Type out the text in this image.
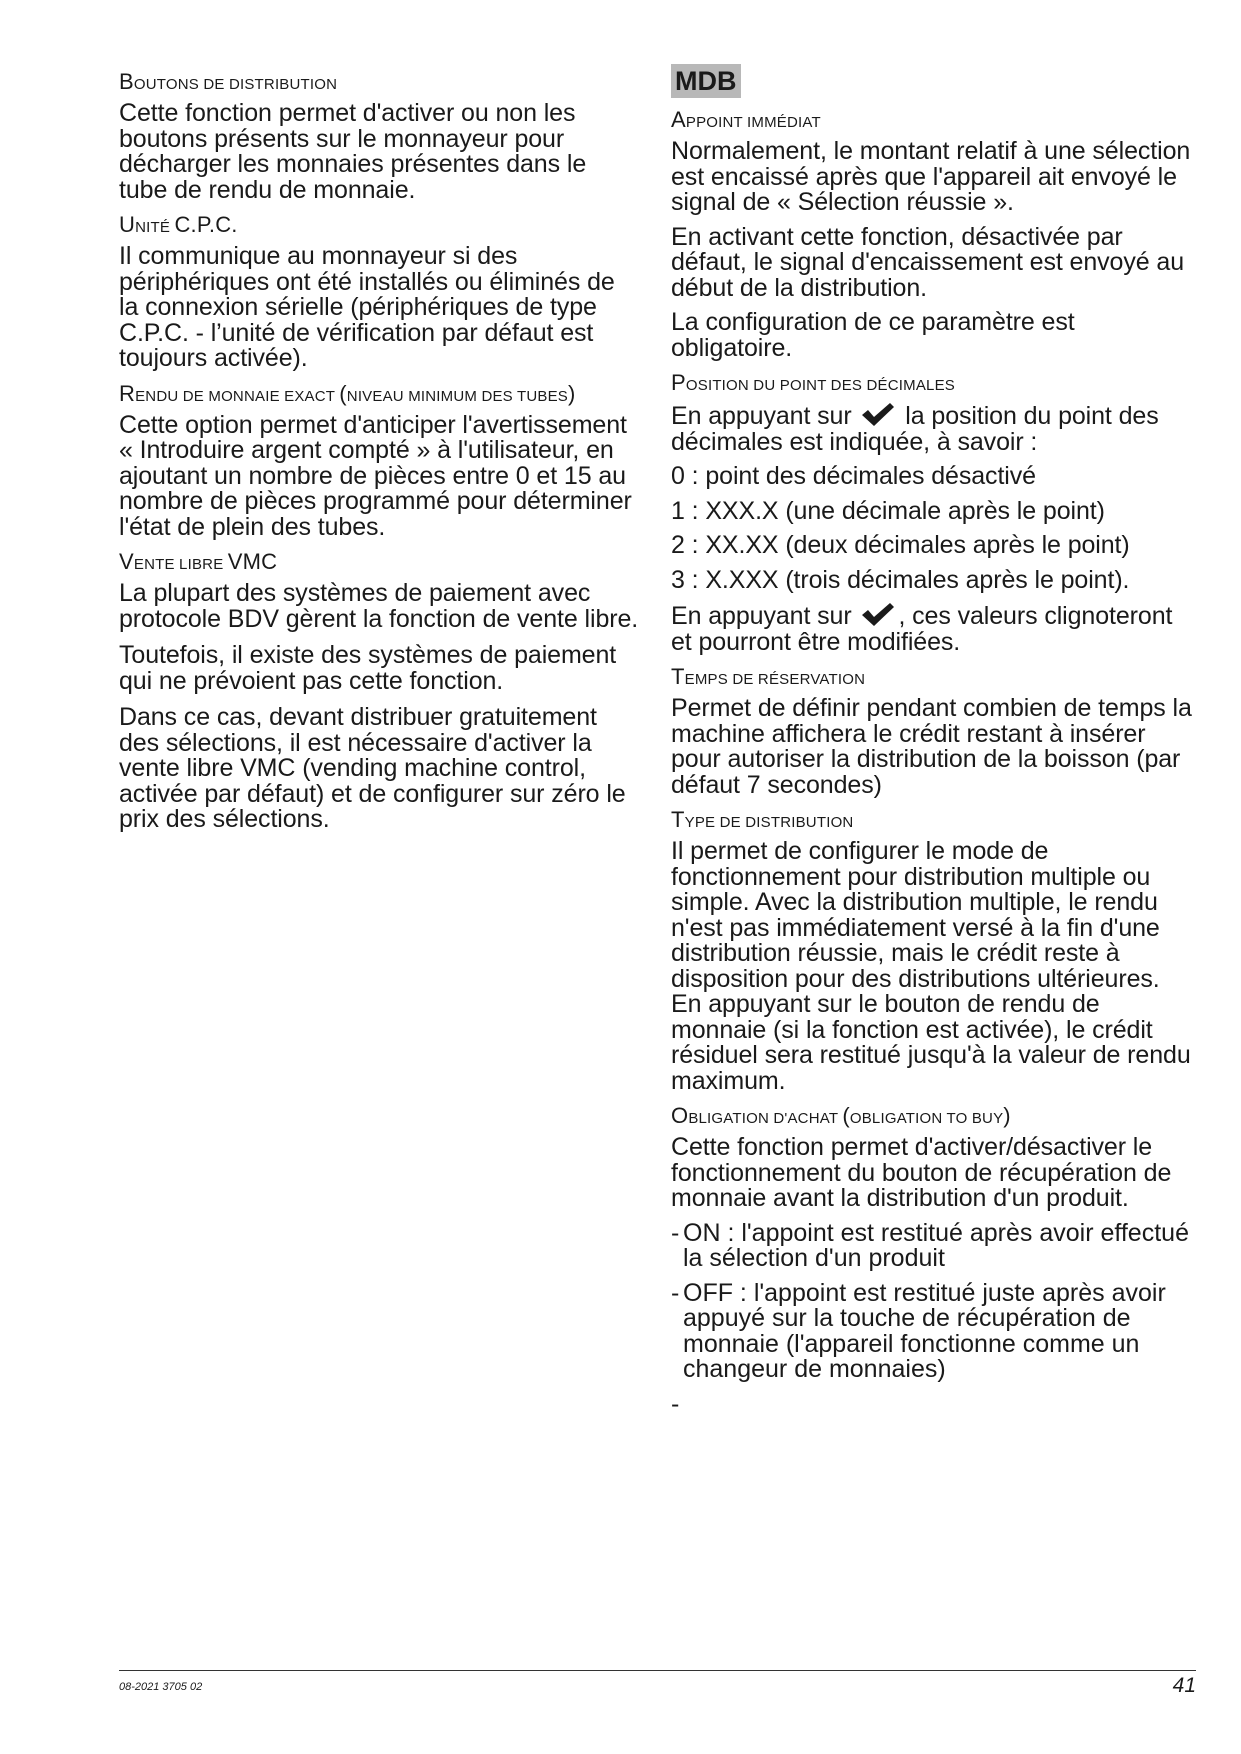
BOUTONS DE DISTRIBUTION
Cette fonction permet d'activer ou non les boutons présents sur le monnayeur pour décharger les monnaies présentes dans le tube de rendu de monnaie.
UNITÉ C.P.C.
Il communique au monnayeur si des périphériques ont été installés ou éliminés de la connexion sérielle (périphériques de type C.P.C. - l’unité de vérification par défaut est toujours activée).
RENDU DE MONNAIE EXACT (NIVEAU MINIMUM DES TUBES)
Cette option permet d'anticiper l'avertissement « Introduire argent compté » à l'utilisateur, en ajoutant un nombre de pièces entre 0 et 15 au nombre de pièces programmé pour déterminer l'état de plein des tubes.
VENTE LIBRE VMC
La plupart des systèmes de paiement avec protocole BDV gèrent la fonction de vente libre.
Toutefois, il existe des systèmes de paiement qui ne prévoient pas cette fonction.
Dans ce cas, devant distribuer gratuitement des sélections, il est nécessaire d'activer la vente libre VMC (vending machine control, activée par défaut) et de configurer sur zéro le prix des sélections.
MDB
APPOINT IMMÉDIAT
Normalement, le montant relatif à une sélection est encaissé après que l'appareil ait envoyé le signal de « Sélection réussie ».
En activant cette fonction, désactivée par défaut, le signal d'encaissement est envoyé au début de la distribution.
La configuration de ce paramètre est obligatoire.
POSITION DU POINT DES DÉCIMALES
En appuyant sur la position du point des décimales est indiquée, à savoir :
0 : point des décimales désactivé
1 : XXX.X (une décimale après le point)
2 : XX.XX (deux décimales après le point)
3 : X.XXX (trois décimales après le point).
En appuyant sur , ces valeurs clignoteront et pourront être modifiées.
TEMPS DE RÉSERVATION
Permet de définir pendant combien de temps la machine affichera le crédit restant à insérer pour autoriser la distribution de la boisson (par défaut 7 secondes)
TYPE DE DISTRIBUTION
Il permet de configurer le mode de fonctionnement pour distribution multiple ou simple. Avec la distribution multiple, le rendu n'est pas immédiatement versé à la fin d'une distribution réussie, mais le crédit reste à disposition pour des distributions ultérieures. En appuyant sur le bouton de rendu de monnaie (si la fonction est activée), le crédit résiduel sera restitué jusqu'à la valeur de rendu maximum.
OBLIGATION D'ACHAT (OBLIGATION TO BUY)
Cette fonction permet d'activer/désactiver le fonctionnement du bouton de récupération de monnaie avant la distribution d'un produit.
- ON : l'appoint est restitué après avoir effectué la sélection d'un produit
- OFF : l'appoint est restitué juste après avoir appuyé sur la touche de récupération de monnaie (l'appareil fonctionne comme un changeur de monnaies)
-
08-2021 3705 02	41
